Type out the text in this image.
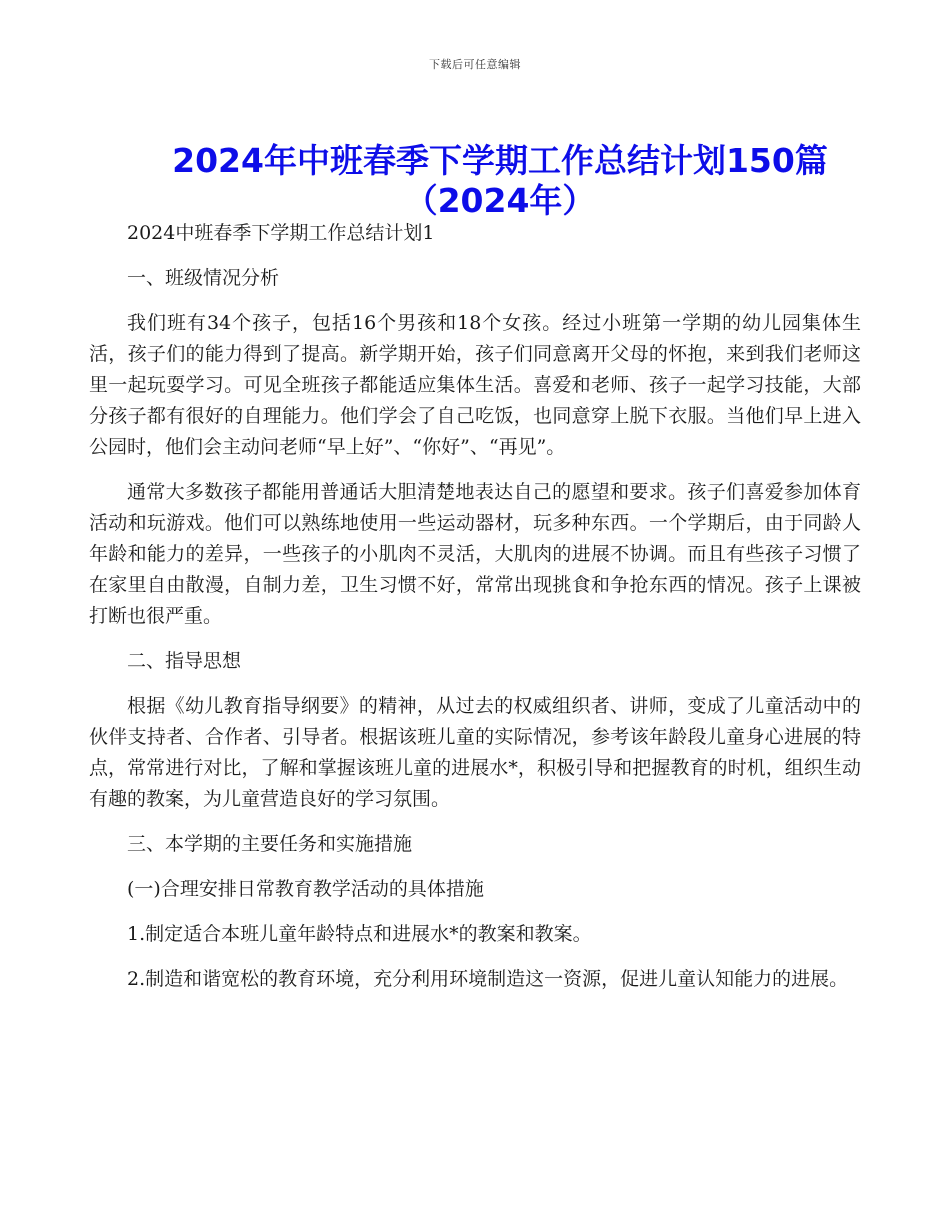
下载后可任意编辑
2024年中班春季下学期工作总结计划150篇
（2024年）

2024中班春季下学期工作总结计划1

一、班级情况分析

我们班有34个孩子，包括16个男孩和18个女孩。经过小班第一学期的幼儿园集体生活，孩子们的能力得到了提高。新学期开始，孩子们同意离开父母的怀抱，来到我们老师这里一起玩耍学习。可见全班孩子都能适应集体生活。喜爱和老师、孩子一起学习技能，大部分孩子都有很好的自理能力。他们学会了自己吃饭，也同意穿上脱下衣服。当他们早上进入公园时，他们会主动问老师“早上好”、“你好”、“再见”。

通常大多数孩子都能用普通话大胆清楚地表达自己的愿望和要求。孩子们喜爱参加体育活动和玩游戏。他们可以熟练地使用一些运动器材，玩多种东西。一个学期后，由于同龄人年龄和能力的差异，一些孩子的小肌肉不灵活，大肌肉的进展不协调。而且有些孩子习惯了在家里自由散漫，自制力差，卫生习惯不好，常常出现挑食和争抢东西的情况。孩子上课被打断也很严重。

二、指导思想

根据《幼儿教育指导纲要》的精神，从过去的权威组织者、讲师，变成了儿童活动中的伙伴支持者、合作者、引导者。根据该班儿童的实际情况，参考该年龄段儿童身心进展的特点，常常进行对比，了解和掌握该班儿童的进展水*，积极引导和把握教育的时机，组织生动有趣的教案，为儿童营造良好的学习氛围。

三、本学期的主要任务和实施措施

(一)合理安排日常教育教学活动的具体措施

1.制定适合本班儿童年龄特点和进展水*的教案和教案。

2.制造和谐宽松的教育环境，充分利用环境制造这一资源，促进儿童认知能力的进展。
